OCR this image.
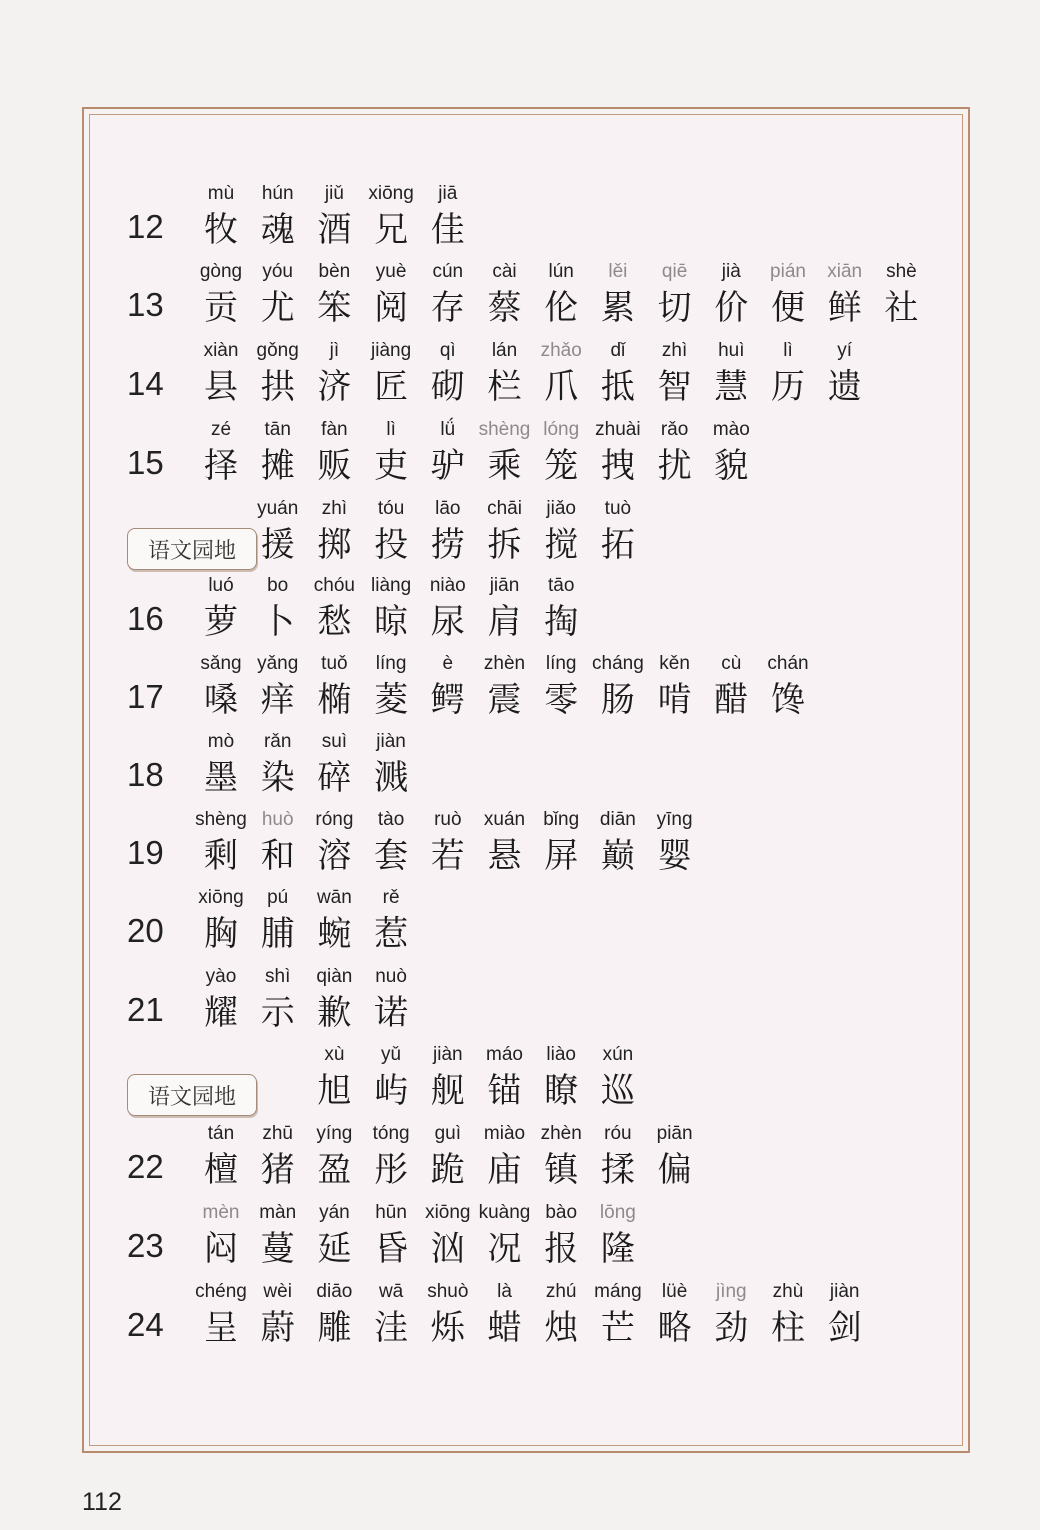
12
mù
牧
hún
魂
jiǔ
酒
xiōng
兄
jiā
佳
13
gòng
贡
yóu
尤
bèn
笨
yuè
阅
cún
存
cài
蔡
lún
伦
lěi
累
qiē
切
jià
价
pián
便
xiān
鲜
shè
社
14
xiàn
县
gǒng
拱
jì
济
jiàng
匠
qì
砌
lán
栏
zhǎo
爪
dǐ
抵
zhì
智
huì
慧
lì
历
yí
遗
15
zé
择
tān
摊
fàn
贩
lì
吏
lǘ
驴
shèng
乘
lóng
笼
zhuài
拽
rǎo
扰
mào
貌
语文园地
yuán
援
zhì
掷
tóu
投
lāo
捞
chāi
拆
jiǎo
搅
tuò
拓
16
luó
萝
bo
卜
chóu
愁
liàng
晾
niào
尿
jiān
肩
tāo
掏
17
sǎng
嗓
yǎng
痒
tuǒ
椭
líng
菱
è
鳄
zhèn
震
líng
零
cháng
肠
kěn
啃
cù
醋
chán
馋
18
mò
墨
rǎn
染
suì
碎
jiàn
溅
19
shèng
剩
huò
和
róng
溶
tào
套
ruò
若
xuán
悬
bǐng
屏
diān
巅
yīng
婴
20
xiōng
胸
pú
脯
wān
蜿
rě
惹
21
yào
耀
shì
示
qiàn
歉
nuò
诺
语文园地
xù
旭
yǔ
屿
jiàn
舰
máo
锚
liào
瞭
xún
巡
22
tán
檀
zhū
猪
yíng
盈
tóng
彤
guì
跪
miào
庙
zhèn
镇
róu
揉
piān
偏
23
mèn
闷
màn
蔓
yán
延
hūn
昏
xiōng
汹
kuàng
况
bào
报
lōng
隆
24
chéng
呈
wèi
蔚
diāo
雕
wā
洼
shuò
烁
là
蜡
zhú
烛
máng
芒
lüè
略
jìng
劲
zhù
柱
jiàn
剑
112
